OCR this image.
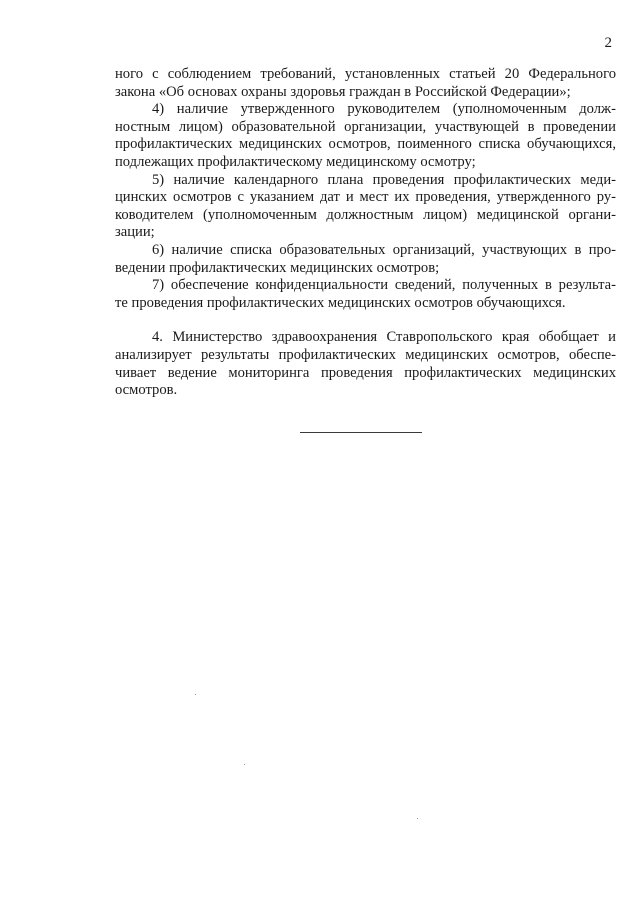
2

ного с соблюдением требований, установленных статьей 20 Федерального

закона «Об основах охраны здоровья граждан в Российской Федерации»;

4) наличие утвержденного руководителем (уполномоченным долж-

ностным лицом) образовательной организации, участвующей в проведении

профилактических медицинских осмотров, поименного списка обучающихся,

подлежащих профилактическому медицинскому осмотру;

5) наличие календарного плана проведения профилактических меди-

цинских осмотров с указанием дат и мест их проведения, утвержденного ру-

ководителем (уполномоченным должностным лицом) медицинской органи-

зации;

6) наличие списка образовательных организаций, участвующих в про-

ведении профилактических медицинских осмотров;

7) обеспечение конфиденциальности сведений, полученных в результа-

те проведения профилактических медицинских осмотров обучающихся.

4. Министерство здравоохранения Ставропольского края обобщает и

анализирует результаты профилактических медицинских осмотров, обеспе-

чивает ведение мониторинга проведения профилактических медицинских

осмотров.
